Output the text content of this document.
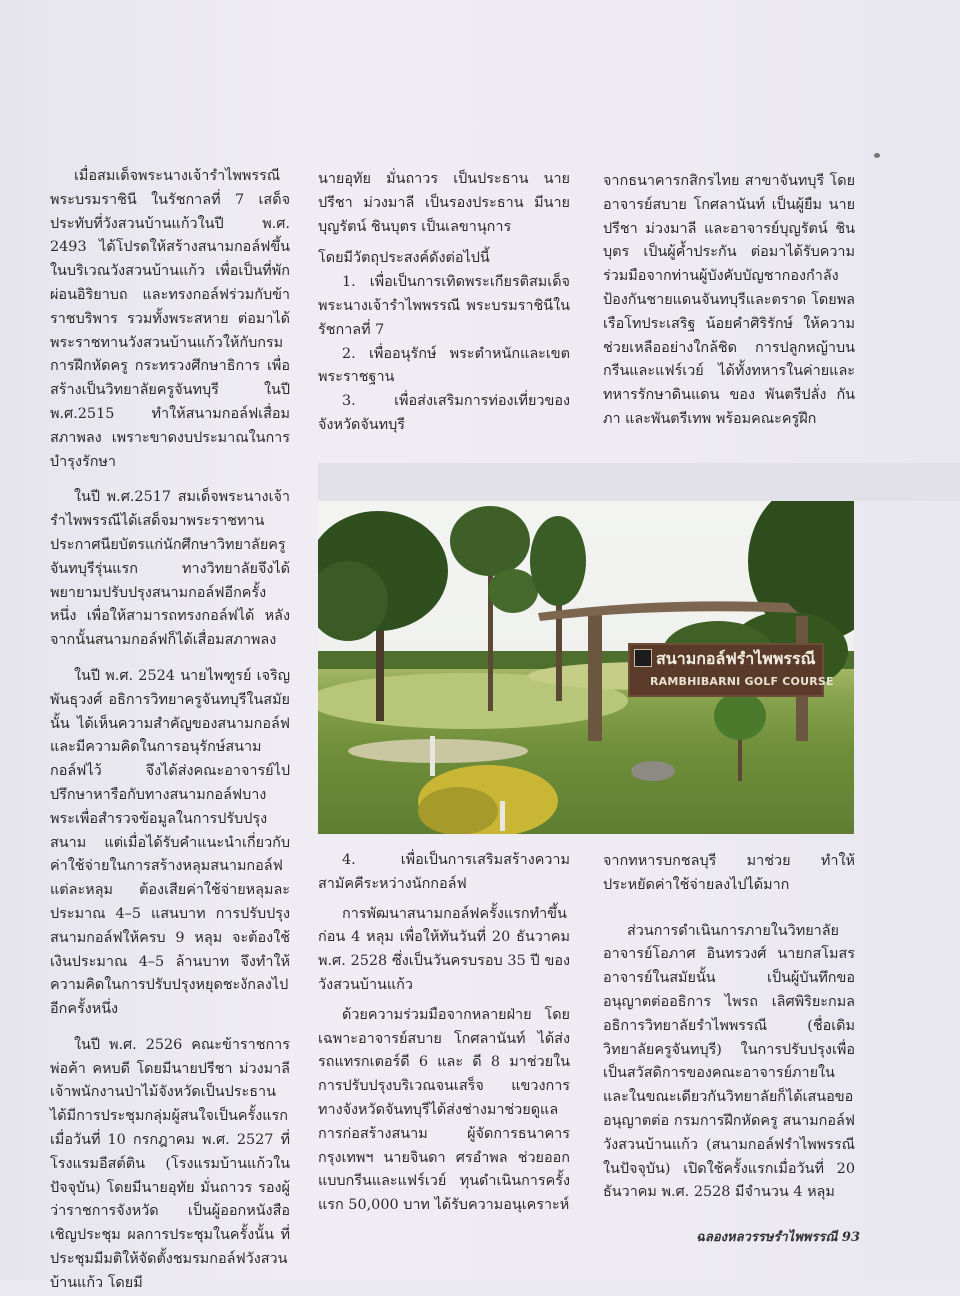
เมื่อสมเด็จพระนางเจ้ารำไพพรรณี พระบรมราชินี ในรัชกาลที่ 7 เสด็จประทับที่วังสวนบ้านแก้วในปี พ.ศ. 2493 ได้โปรดให้สร้างสนามกอล์ฟขึ้นในบริเวณวังสวนบ้านแก้ว เพื่อเป็นที่พักผ่อนอิริยาบถ และทรงกอล์ฟร่วมกับข้าราชบริพาร รวมทั้งพระสหาย ต่อมาได้พระราชทานวังสวนบ้านแก้วให้กับกรมการฝึกหัดครู กระทรวงศึกษาธิการ เพื่อสร้างเป็นวิทยาลัยครูจันทบุรี ในปี พ.ศ.2515 ทำให้สนามกอล์ฟเสื่อมสภาพลง เพราะขาดงบประมาณในการบำรุงรักษา

ในปี พ.ศ.2517 สมเด็จพระนางเจ้ารำไพพรรณีได้เสด็จมาพระราชทานประกาศนียบัตรแก่นักศึกษาวิทยาลัยครูจันทบุรีรุ่นแรก ทางวิทยาลัยจึงได้พยายามปรับปรุงสนามกอล์ฟอีกครั้งหนึ่ง เพื่อให้สามารถทรงกอล์ฟได้ หลังจากนั้นสนามกอล์ฟก็ได้เสื่อมสภาพลง

ในปี พ.ศ. 2524 นายไพฑูรย์ เจริญพันธุวงศ์ อธิการวิทยาครูจันทบุรีในสมัยนั้น ได้เห็นความสำคัญของสนามกอล์ฟ และมีความคิดในการอนุรักษ์สนามกอล์ฟไว้ จึงได้ส่งคณะอาจารย์ไปปรึกษาหารือกับทางสนามกอล์ฟบางพระเพื่อสำรวจข้อมูลในการปรับปรุงสนาม แต่เมื่อได้รับคำแนะนำเกี่ยวกับค่าใช้จ่ายในการสร้างหลุมสนามกอล์ฟแต่ละหลุม ต้องเสียค่าใช้จ่ายหลุมละประมาณ 4–5 แสนบาท การปรับปรุงสนามกอล์ฟให้ครบ 9 หลุม จะต้องใช้เงินประมาณ 4–5 ล้านบาท จึงทำให้ความคิดในการปรับปรุงหยุดชะงักลงไปอีกครั้งหนึ่ง

ในปี พ.ศ. 2526 คณะข้าราชการ พ่อค้า คหบดี โดยมีนายปรีชา ม่วงมาลี เจ้าพนักงานป่าไม้จังหวัดเป็นประธาน ได้มีการประชุมกลุ่มผู้สนใจเป็นครั้งแรก เมื่อวันที่ 10 กรกฎาคม พ.ศ. 2527 ที่โรงแรมอีสต์ติน (โรงแรมบ้านแก้วในปัจจุบัน) โดยมีนายอุทัย มั่นถาวร รองผู้ว่าราชการจังหวัด เป็นผู้ออกหนังสือเชิญประชุม ผลการประชุมในครั้งนั้น ที่ประชุมมีมติให้จัดตั้งชมรมกอล์ฟวังสวนบ้านแก้ว โดยมี

นายอุทัย มั่นถาวร เป็นประธาน นายปรีชา ม่วงมาลี เป็นรองประธาน มีนายบุญรัตน์ ชินบุตร เป็นเลขานุการ

โดยมีวัตถุประสงค์ดังต่อไปนี้

1. เพื่อเป็นการเทิดพระเกียรติสมเด็จพระนางเจ้ารำไพพรรณี พระบรมราชินีในรัชกาลที่ 7

2. เพื่ออนุรักษ์ พระตำหนักและเขตพระราชฐาน

3. เพื่อส่งเสริมการท่องเที่ยวของจังหวัดจันทบุรี

จากธนาคารกสิกรไทย สาขาจันทบุรี โดยอาจารย์สบาย โกศลานันท์ เป็นผู้ยืม นายปรีชา ม่วงมาลี และอาจารย์บุญรัตน์ ชินบุตร เป็นผู้ค้ำประกัน ต่อมาได้รับความร่วมมือจากท่านผู้บังคับบัญชากองกำลังป้องกันชายแดนจันทบุรีและตราด โดยพลเรือโทประเสริฐ น้อยคำศิริรักษ์ ให้ความช่วยเหลืออย่างใกล้ชิด การปลูกหญ้าบนกรีนและแฟร์เวย์ ได้ทั้งทหารในค่ายและทหารรักษาดินแดน ของ พันตรีปลั่ง กันภา และพันตรีเทพ พร้อมคณะครูฝึก

สนามกอล์ฟรำไพพรรณี
RAMBHIBARNI GOLF COURSE

4. เพื่อเป็นการเสริมสร้างความสามัคคีระหว่างนักกอล์ฟ

การพัฒนาสนามกอล์ฟครั้งแรกทำขึ้นก่อน 4 หลุม เพื่อให้ทันวันที่ 20 ธันวาคม พ.ศ. 2528 ซึ่งเป็นวันครบรอบ 35 ปี ของวังสวนบ้านแก้ว

ด้วยความร่วมมือจากหลายฝ่าย โดยเฉพาะอาจารย์สบาย โกศลานันท์ ได้ส่งรถแทรกเตอร์ดี 6 และ ดี 8 มาช่วยในการปรับปรุงบริเวณจนเสร็จ แขวงการทางจังหวัดจันทบุรีได้ส่งช่างมาช่วยดูแลการก่อสร้างสนาม ผู้จัดการธนาคารกรุงเทพฯ นายจินดา ศรอำพล ช่วยออกแบบกรีนและแฟร์เวย์ ทุนดำเนินการครั้งแรก 50,000 บาท ได้รับความอนุเคราะห์

จากทหารบกชลบุรี มาช่วย ทำให้ประหยัดค่าใช้จ่ายลงไปได้มาก

ส่วนการดำเนินการภายในวิทยาลัย อาจารย์โอภาศ อินทรวงศ์ นายกสโมสรอาจารย์ในสมัยนั้น เป็นผู้บันทึกขออนุญาตต่ออธิการ ไพรถ เลิศพิริยะกมล อธิการวิทยาลัยรำไพพรรณี (ชื่อเดิมวิทยาลัยครูจันทบุรี) ในการปรับปรุงเพื่อเป็นสวัสดิการของคณะอาจารย์ภายใน และในขณะเดียวกันวิทยาลัยก็ได้เสนอขออนุญาตต่อ กรมการฝึกหัดครู สนามกอล์ฟวังสวนบ้านแก้ว (สนามกอล์ฟรำไพพรรณี ในปัจจุบัน) เปิดใช้ครั้งแรกเมื่อวันที่ 20 ธันวาคม พ.ศ. 2528 มีจำนวน 4 หลุม

ฉลองหลวรรษรำไพพรรณี 93
